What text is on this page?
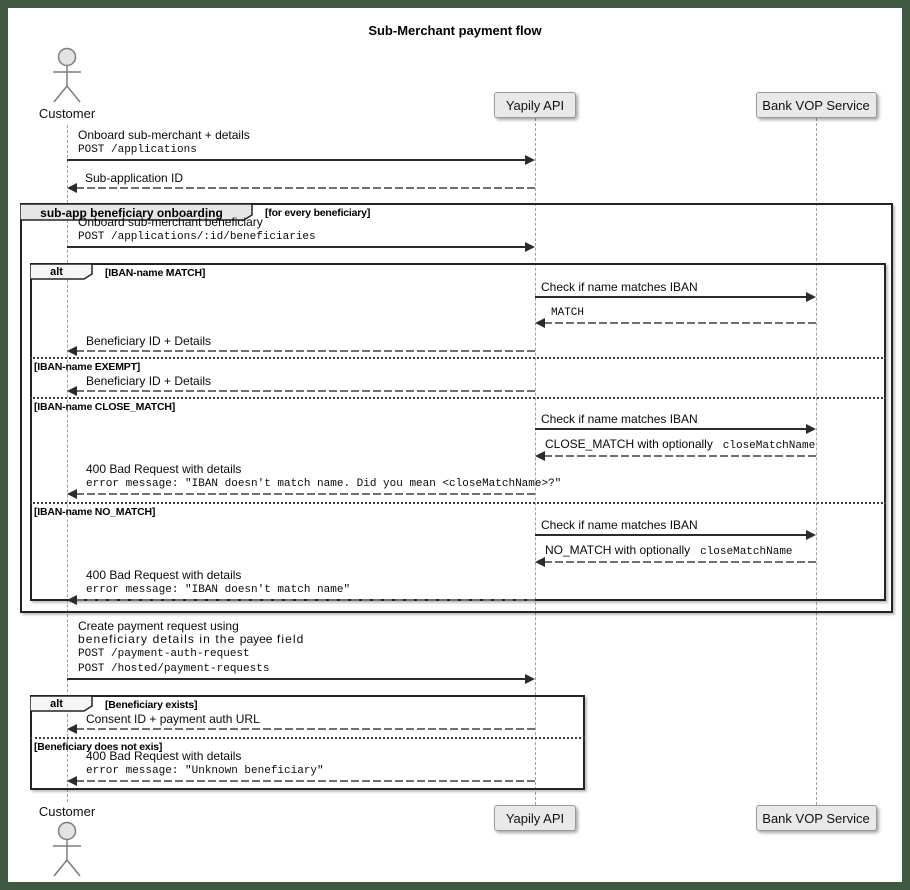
Sub-Merchant payment flow
sub-app beneficiary onboarding	[for every beneficiary]
alt	[IBAN-name MATCH]
[IBAN-name EXEMPT]
[IBAN-name CLOSE_MATCH]
[IBAN-name NO_MATCH]
alt	[Beneficiary exists]
[Beneficiary does not exis]
Onboard sub-merchant + details
POST /applications
Sub-application ID
Onboard sub-merchant beneficiary
POST /applications/:id/beneficiaries
Check if name matches IBAN
MATCH
Beneficiary ID + Details
Beneficiary ID + Details
Check if name matches IBAN
CLOSE_MATCH with optionally  closeMatchName
400 Bad Request with details
error message: "IBAN doesn't match name. Did you mean <closeMatchName>?"
Check if name matches IBAN
NO_MATCH with optionally  closeMatchName
400 Bad Request with details
error message: "IBAN doesn't match name"
Create payment request using
beneficiary details in the payee field
POST /payment-auth-request
POST /hosted/payment-requests
Consent ID + payment auth URL
400 Bad Request with details
error message: "Unknown beneficiary"
Customer
Customer
Yapily API
Yapily API
Bank VOP Service
Bank VOP Service
